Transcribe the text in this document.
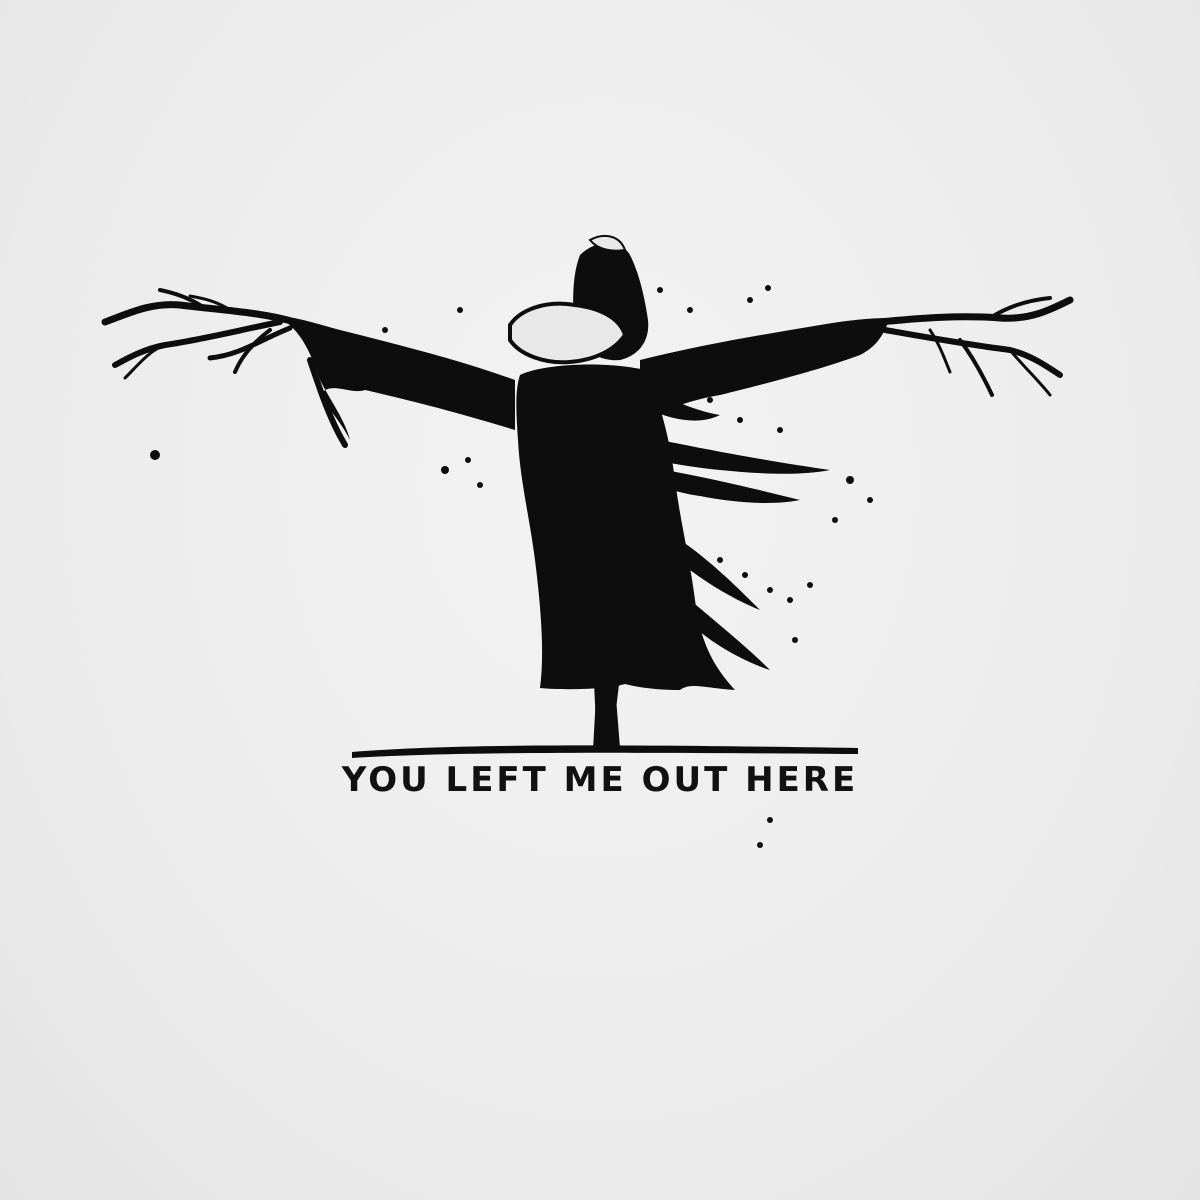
YOU LEFT ME OUT HERE
